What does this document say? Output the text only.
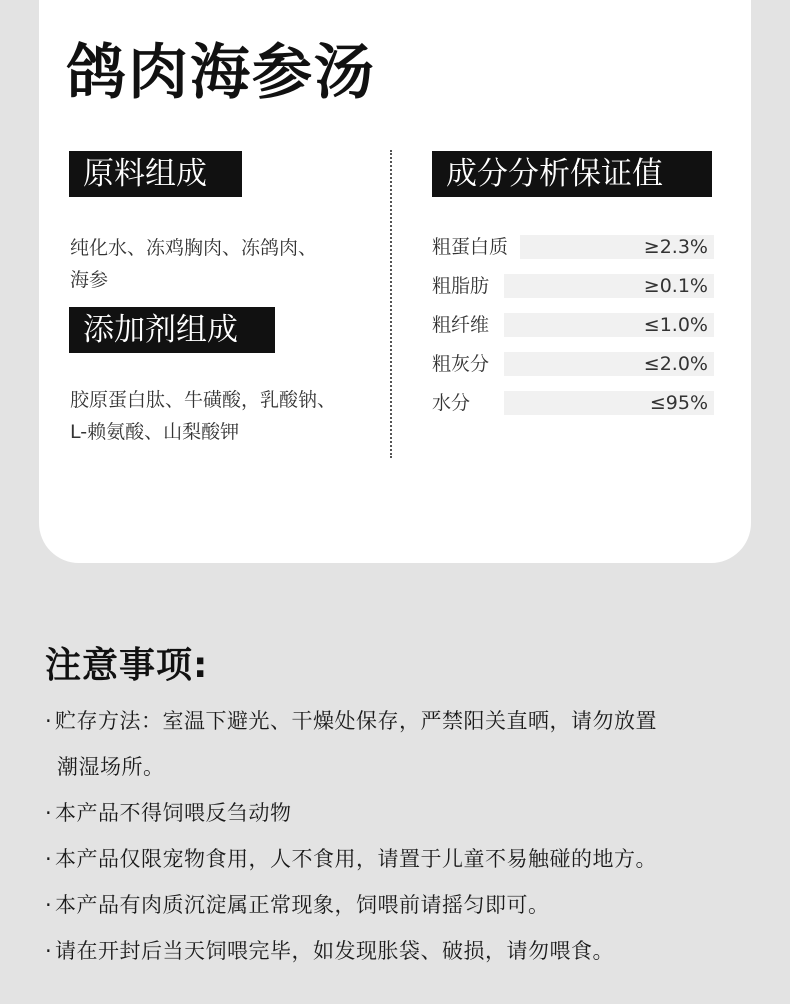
鸽肉海参汤
原料组成
纯化水、冻鸡胸肉、冻鸽肉、
海参
添加剂组成
胶原蛋白肽、牛磺酸，乳酸钠、
L-赖氨酸、山梨酸钾
成分分析保证值
粗蛋白质	≥2.3%
粗脂肪	≥0.1%
粗纤维	≤1.0%
粗灰分	≤2.0%
水分	≤95%
注意事项:
· 贮存方法：室温下避光、干燥处保存，严禁阳关直晒，请勿放置
潮湿场所。
· 本产品不得饲喂反刍动物
· 本产品仅限宠物食用，人不食用，请置于儿童不易触碰的地方。
· 本产品有肉质沉淀属正常现象，饲喂前请摇匀即可。
· 请在开封后当天饲喂完毕，如发现胀袋、破损，请勿喂食。
